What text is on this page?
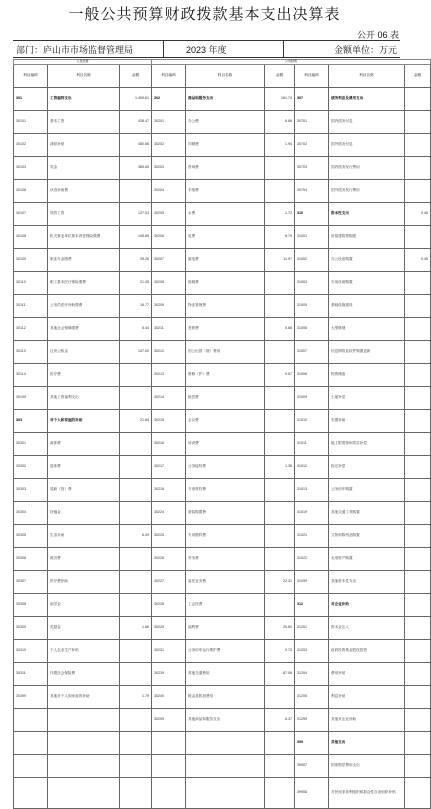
一般公共预算财政拨款基本支出决算表
公开 06 表
部门：庐山市市场监督管理局	2023 年度	金额单位：万元
人员经费			公用经费					
科目编码	科目名称	金额	科目编码	科目名称	金额	科目编码	科目名称	金额
301	工资福利支出	1,459.61	302	商品和服务支出	161.74	307	债务利息及费用支出	
30101	基本工资	438.47	30201	办公费	6.66	30701	国内债务付息	
30102	津贴补贴	480.86	30202	印刷费	1.94	30702	国外债务付息	
30103	奖金	385.85	30203	咨询费		30703	国内债务发行费用	
30106	伙食补助费		30204	手续费		30704	国外债务发行费用	
30107	绩效工资	137.53	30205	水费	1.72	310	资本性支出	0.45
30108	机关事业单位基本养老保险缴费	108.89	30206	电费	8.79	31001	房屋建筑物购建	
30109	职业年金缴费	39.26	30207	邮电费	11.97	31002	办公设备购置	0.45
30110	职工基本医疗保险缴费	21.45	30208	取暖费		31003	专用设备购置	
30111	公务员医疗补助缴费	16.77	30209	物业管理费		31005	基础设施建设	
30112	其他社会保障缴费	5.44	30211	差旅费	5.66	31006	大型修缮	
30113	住房公积金	137.00	30212	因公出国（境）费用		31007	信息网络及软件购置更新	
30114	医疗费		30213	维修（护）费	0.57	31008	物资储备	
30199	其他工资福利支出		30214	租赁费		31009	土地补偿	
303	对个人和家庭的补助	21.84	30215	会议费		31010	安置补助	
30301	离休费		30216	培训费		31011	地上附着物和青苗补偿	
30302	退休费		30217	公务接待费	1.36	31012	拆迁补偿	
30303	退职（役）费		30218	专用材料费		31013	公务用车购置	
30304	抚恤金		30224	被装购置费		31019	其他交通工具购置	
30305	生活补助	6.49	30225	专用燃料费		31021	文物和陈列品购置	
30306	救济费		30226	劳务费		31022	无形资产购置	
30307	医疗费补助		30227	委托业务费	22.31	31099	其他资本性支出	
30308	助学金		30228	工会经费		312	对企业补助	
30309	奖励金	1.66	30229	福利费	25.60	31201	资本金注入	
30310	个人农业生产补贴		30231	公务用车运行维护费	0.73	31203	政府投资基金股权投资	
30311	代缴社会保险费		30239	其他交通费用	67.08	31204	费用补贴	
30399	其他对个人和家庭的补助	1.79	30240	税金及附加费用		31205	利息补贴	
			30299	其他商品和服务支出	8.37	31299	其他对企业补助	
						399	其他支出	
						39907	国家赔偿费用支出	
						39908	对民间非营利组织和群众性自治组织补贴	
